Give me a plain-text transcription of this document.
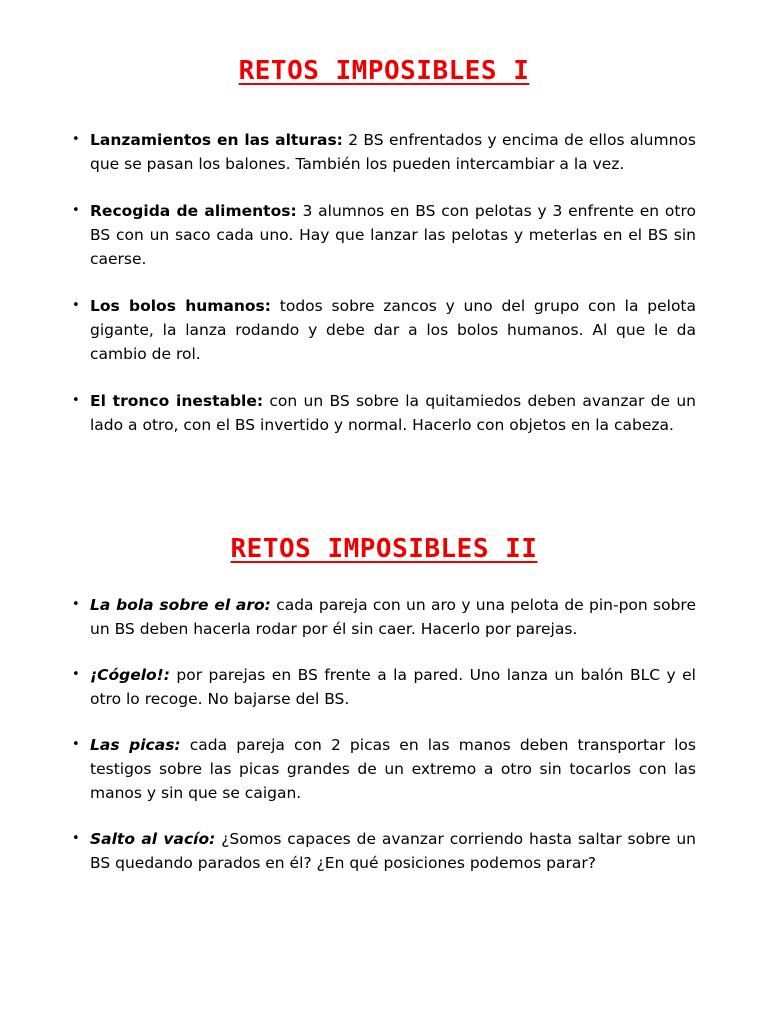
RETOS IMPOSIBLES I
• Lanzamientos en las alturas: 2 BS enfrentados y encima de ellos alumnos que se pasan los balones. También los pueden intercambiar a la vez.
• Recogida de alimentos: 3 alumnos en BS con pelotas y 3 enfrente en otro BS con un saco cada uno. Hay que lanzar las pelotas y meterlas en el BS sin caerse.
• Los bolos humanos: todos sobre zancos y uno del grupo con la pelota gigante, la lanza rodando y debe dar a los bolos humanos. Al que le da cambio de rol.
• El tronco inestable: con un BS sobre la quitamiedos deben avanzar de un lado a otro, con el BS invertido y normal. Hacerlo con objetos en la cabeza.
RETOS IMPOSIBLES II
• La bola sobre el aro: cada pareja con un aro y una pelota de pin-pon sobre un BS deben hacerla rodar por él sin caer. Hacerlo por parejas.
• ¡Cógelo!: por parejas en BS frente a la pared. Uno lanza un balón BLC y el otro lo recoge. No bajarse del BS.
• Las picas: cada pareja con 2 picas en las manos deben transportar los testigos sobre las picas grandes de un extremo a otro sin tocarlos con las manos y sin que se caigan.
• Salto al vacío: ¿Somos capaces de avanzar corriendo hasta saltar sobre un BS quedando parados en él? ¿En qué posiciones podemos parar?
